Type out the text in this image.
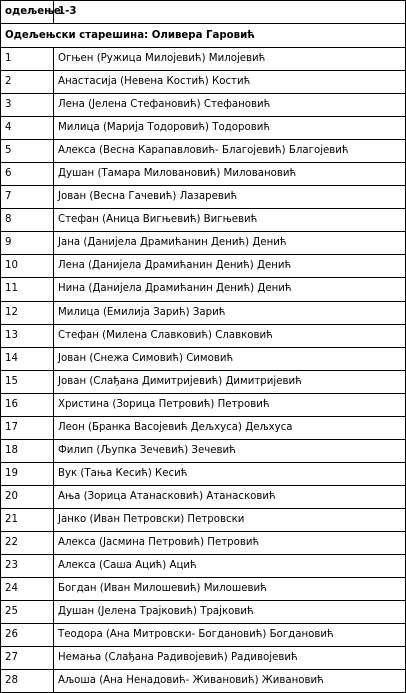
одељење	1-3
Одељењски старешина: Оливера Гаровић	
1	Огњен (Ружица Милојевић) Милојевић
2	Анастасија (Невена Костић) Костић
3	Лена (Јелена Стефановић) Стефановић
4	Милица (Марија Тодоровић) Тодоровић
5	Алекса (Весна Карапавловић- Благојевић) Благојевић
6	Душан (Тамара Миловановић) Миловановић
7	Јован (Весна Гачевић) Лазаревић
8	Стефан (Аница Вигњевић) Вигњевић
9	Јана (Данијела Драмићанин Денић) Денић
10	Лена (Данијела Драмићанин Денић) Денић
11	Нина (Данијела Драмићанин Денић) Денић
12	Милица (Емилија Зарић) Зарић
13	Стефан (Милена Славковић) Славковић
14	Јован (Снежа Симовић) Симовић
15	Јован (Слађана Димитријевић) Димитријевић
16	Христина (Зорица Петровић) Петровић
17	Леон (Бранка Васојевић Дељхуса) Дељхуса
18	Филип (Љупка Зечевић) Зечевић
19	Вук (Тања Кесић) Кесић
20	Ања (Зорица Атанасковић) Атанасковић
21	Јанко (Иван Петровски) Петровски
22	Алекса (Јасмина Петровић) Петровић
23	Алекса (Саша Ацић) Ацић
24	Богдан (Иван Милошевић) Милошевић
25	Душан (Јелена Трајковић) Трајковић
26	Теодора (Ана Митровски- Богдановић) Богдановић
27	Немања (Слађана Радивојевић) Радивојевић
28	Аљоша (Ана Ненадовић- Живановић) Живановић
